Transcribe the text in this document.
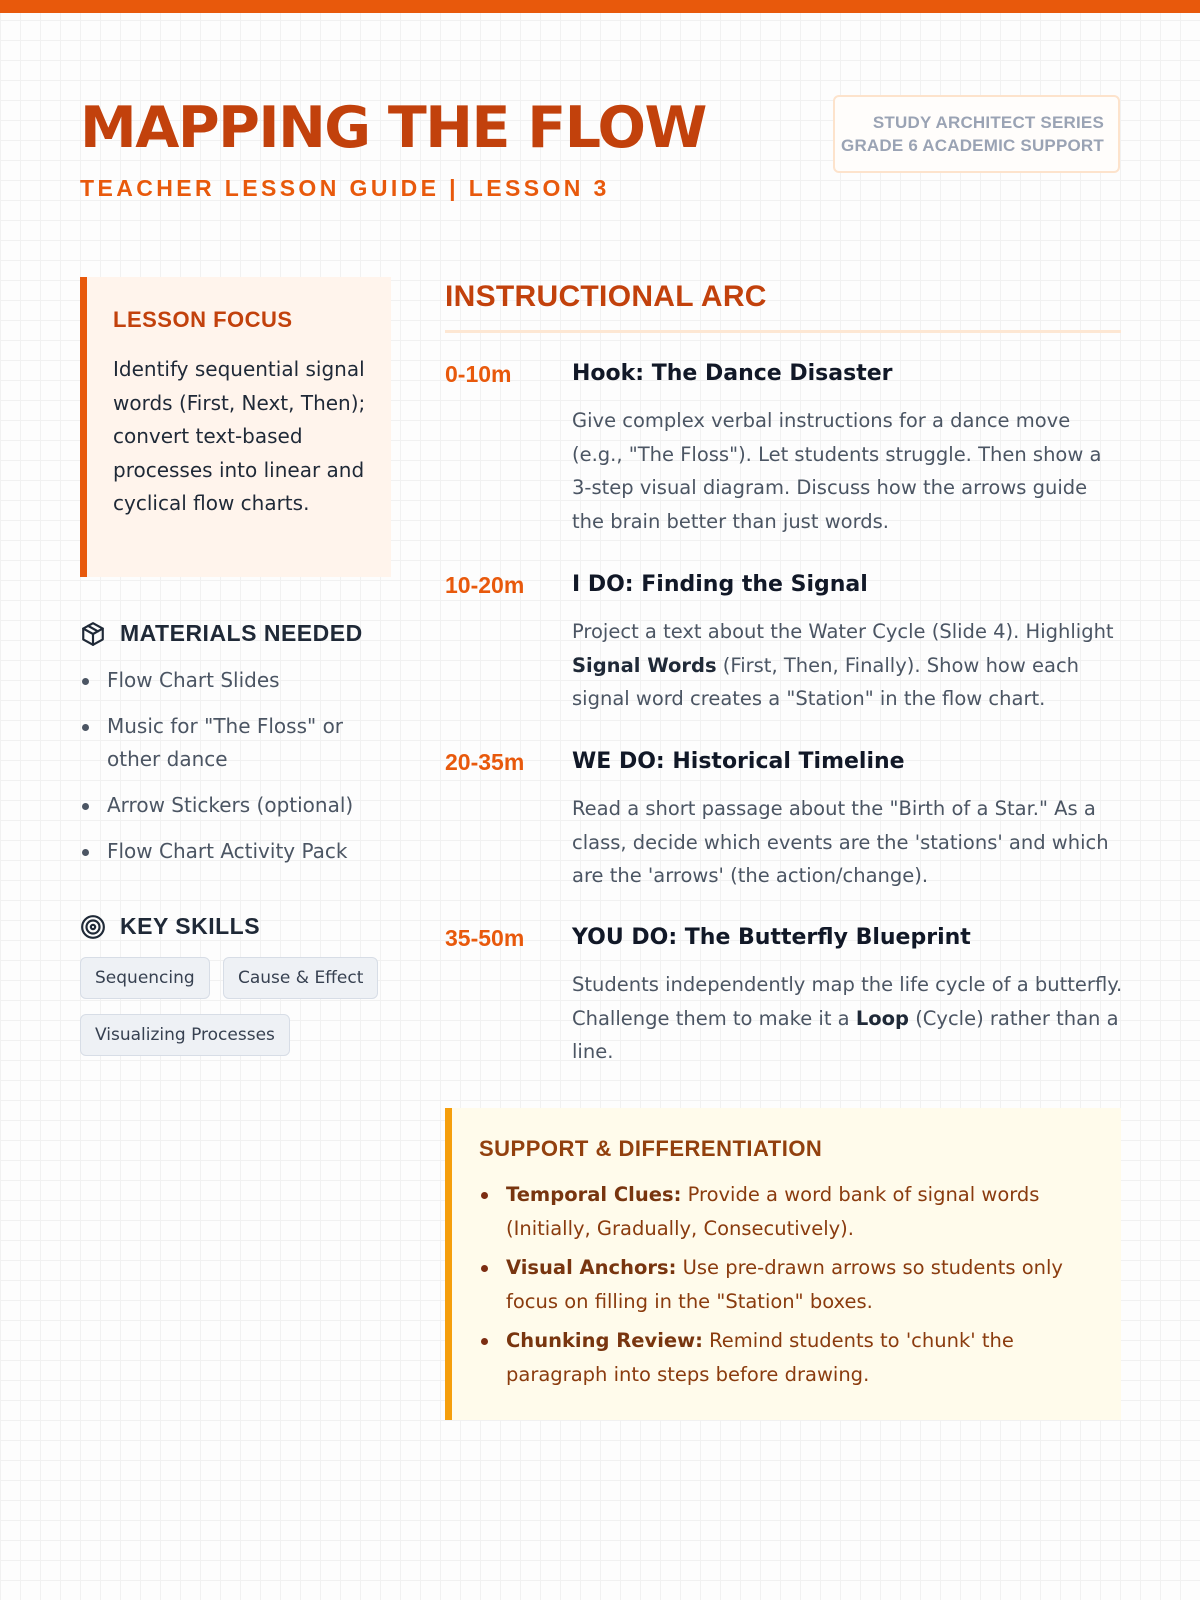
MAPPING THE FLOW
TEACHER LESSON GUIDE | LESSON 3
STUDY ARCHITECT SERIES
GRADE 6 ACADEMIC SUPPORT
LESSON FOCUS
Identify sequential signal words (First, Next, Then); convert text-based processes into linear and cyclical flow charts.
MATERIALS NEEDED
Flow Chart Slides
Music for "The Floss" or other dance
Arrow Stickers (optional)
Flow Chart Activity Pack
KEY SKILLS
Sequencing	Cause & Effect
Visualizing Processes
INSTRUCTIONAL ARC
0-10m	Hook: The Dance Disaster
Give complex verbal instructions for a dance move (e.g., "The Floss"). Let students struggle. Then show a 3-step visual diagram. Discuss how the arrows guide the brain better than just words.
10-20m I DO: Finding the Signal
Project a text about the Water Cycle (Slide 4). Highlight Signal Words (First, Then, Finally). Show how each signal word creates a "Station" in the flow chart.
20-35m WE DO: Historical Timeline
Read a short passage about the "Birth of a Star." As a class, decide which events are the 'stations' and which are the 'arrows' (the action/change).
35-50m YOU DO: The Butterfly Blueprint
Students independently map the life cycle of a butterfly. Challenge them to make it a Loop (Cycle) rather than a line.
SUPPORT & DIFFERENTIATION
Temporal Clues: Provide a word bank of signal words (Initially, Gradually, Consecutively).
Visual Anchors: Use pre-drawn arrows so students only focus on filling in the "Station" boxes.
Chunking Review: Remind students to 'chunk' the paragraph into steps before drawing.
